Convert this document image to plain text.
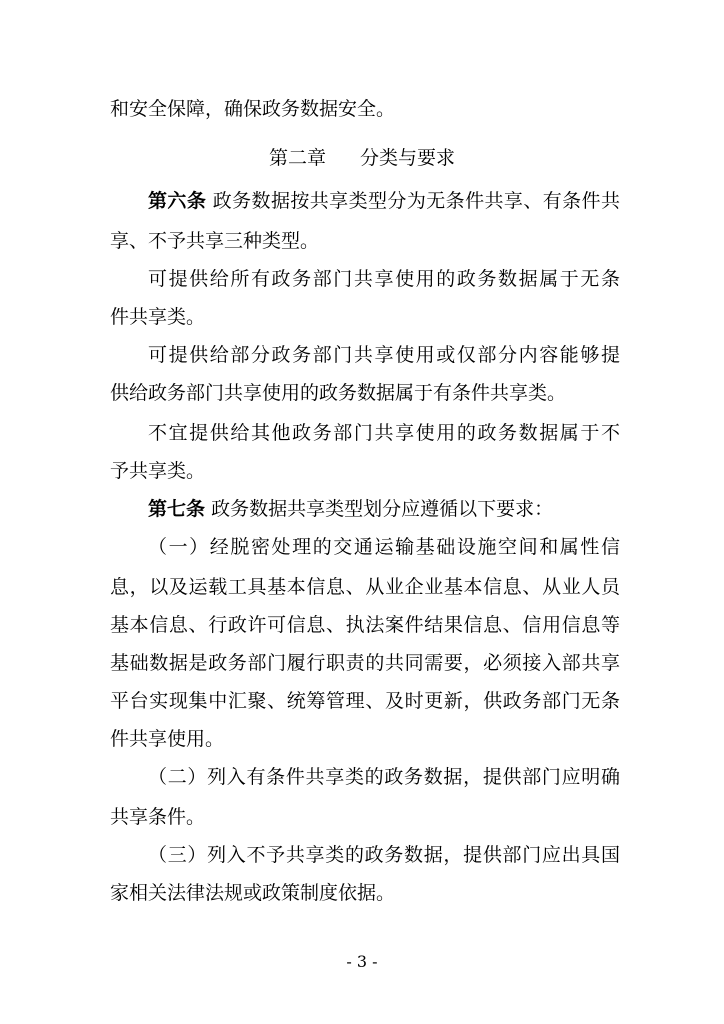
和安全保障，确保政务数据安全。
第二章 分类与要求
第六条 政务数据按共享类型分为无条件共享、有条件共
享、不予共享三种类型。
可提供给所有政务部门共享使用的政务数据属于无条
件共享类。
可提供给部分政务部门共享使用或仅部分内容能够提
供给政务部门共享使用的政务数据属于有条件共享类。
不宜提供给其他政务部门共享使用的政务数据属于不
予共享类。
第七条 政务数据共享类型划分应遵循以下要求：
（一）经脱密处理的交通运输基础设施空间和属性信
息，以及运载工具基本信息、从业企业基本信息、从业人员
基本信息、行政许可信息、执法案件结果信息、信用信息等
基础数据是政务部门履行职责的共同需要，必须接入部共享
平台实现集中汇聚、统筹管理、及时更新，供政务部门无条
件共享使用。
（二）列入有条件共享类的政务数据，提供部门应明确
共享条件。
（三）列入不予共享类的政务数据，提供部门应出具国
家相关法律法规或政策制度依据。
- 3 -
